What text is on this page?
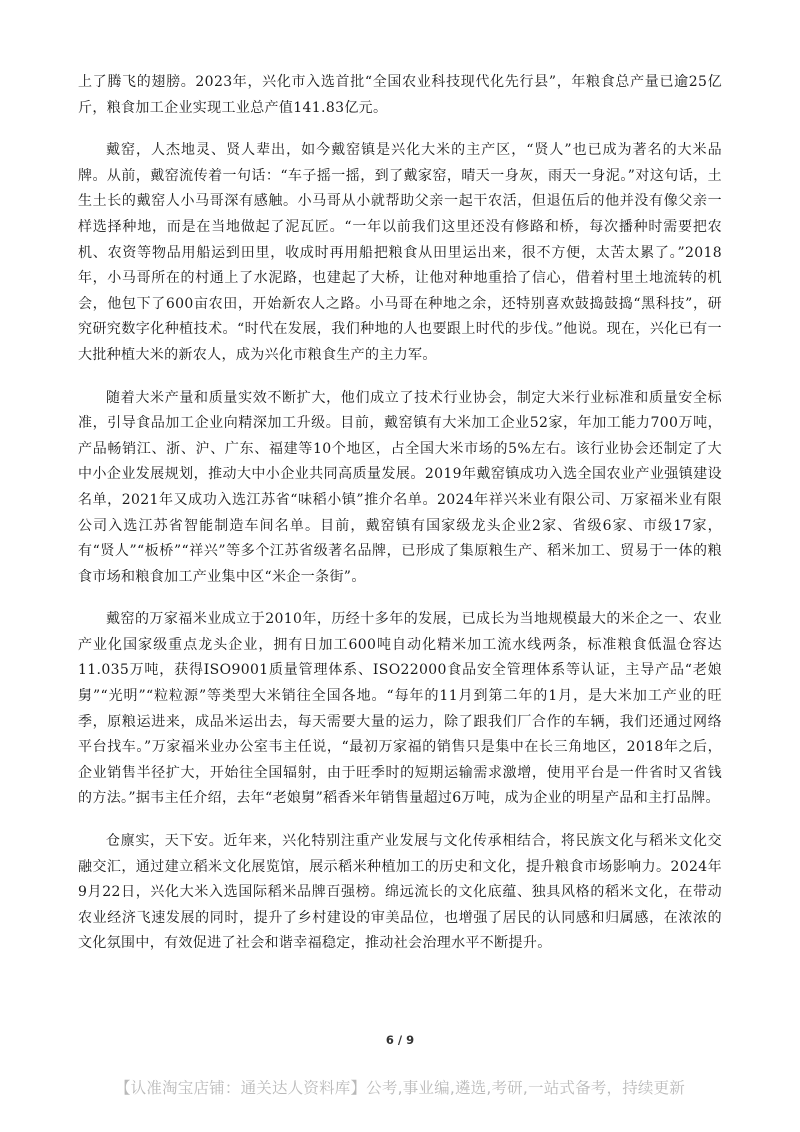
上了腾飞的翅膀。2023年，兴化市入选首批“全国农业科技现代化先行县”，年粮食总产量已逾25亿斤，粮食加工企业实现工业总产值141.83亿元。

戴窑，人杰地灵、贤人辈出，如今戴窑镇是兴化大米的主产区，“贤人”也已成为著名的大米品牌。从前，戴窑流传着一句话：“车子摇一摇，到了戴家窑，晴天一身灰，雨天一身泥。”对这句话，土生土长的戴窑人小马哥深有感触。小马哥从小就帮助父亲一起干农活，但退伍后的他并没有像父亲一样选择种地，而是在当地做起了泥瓦匠。“一年以前我们这里还没有修路和桥，每次播种时需要把农机、农资等物品用船运到田里，收成时再用船把粮食从田里运出来，很不方便，太苦太累了。”2018年，小马哥所在的村通上了水泥路，也建起了大桥，让他对种地重拾了信心，借着村里土地流转的机会，他包下了600亩农田，开始新农人之路。小马哥在种地之余，还特别喜欢鼓捣鼓捣“黑科技”，研究研究数字化种植技术。“时代在发展，我们种地的人也要跟上时代的步伐。”他说。现在，兴化已有一大批种植大米的新农人，成为兴化市粮食生产的主力军。

随着大米产量和质量实效不断扩大，他们成立了技术行业协会，制定大米行业标准和质量安全标准，引导食品加工企业向精深加工升级。目前，戴窑镇有大米加工企业52家，年加工能力700万吨，产品畅销江、浙、沪、广东、福建等10个地区，占全国大米市场的5%左右。该行业协会还制定了大中小企业发展规划，推动大中小企业共同高质量发展。2019年戴窑镇成功入选全国农业产业强镇建设名单，2021年又成功入选江苏省“味稻小镇”推介名单。2024年祥兴米业有限公司、万家福米业有限公司入选江苏省智能制造车间名单。目前，戴窑镇有国家级龙头企业2家、省级6家、市级17家，有“贤人”“板桥”“祥兴”等多个江苏省级著名品牌，已形成了集原粮生产、稻米加工、贸易于一体的粮食市场和粮食加工产业集中区“米企一条街”。

戴窑的万家福米业成立于2010年，历经十多年的发展，已成长为当地规模最大的米企之一、农业产业化国家级重点龙头企业，拥有日加工600吨自动化精米加工流水线两条，标准粮食低温仓容达11.035万吨，获得ISO9001质量管理体系、ISO22000食品安全管理体系等认证，主导产品“老娘舅”“光明”“粒粒源”等类型大米销往全国各地。“每年的11月到第二年的1月，是大米加工产业的旺季，原粮运进来，成品米运出去，每天需要大量的运力，除了跟我们厂合作的车辆，我们还通过网络平台找车。”万家福米业办公室韦主任说，“最初万家福的销售只是集中在长三角地区，2018年之后，企业销售半径扩大，开始往全国辐射，由于旺季时的短期运输需求激增，使用平台是一件省时又省钱的方法。”据韦主任介绍，去年“老娘舅”稻香米年销售量超过6万吨，成为企业的明星产品和主打品牌。

仓廪实，天下安。近年来，兴化特别注重产业发展与文化传承相结合，将民族文化与稻米文化交融交汇，通过建立稻米文化展览馆，展示稻米种植加工的历史和文化，提升粮食市场影响力。2024年9月22日，兴化大米入选国际稻米品牌百强榜。绵远流长的文化底蕴、独具风格的稻米文化，在带动农业经济飞速发展的同时，提升了乡村建设的审美品位，也增强了居民的认同感和归属感，在浓浓的文化氛围中，有效促进了社会和谐幸福稳定，推动社会治理水平不断提升。

6 / 9
【认准淘宝店铺：通关达人资料库】公考,事业编,遴选,考研,一站式备考，持续更新
